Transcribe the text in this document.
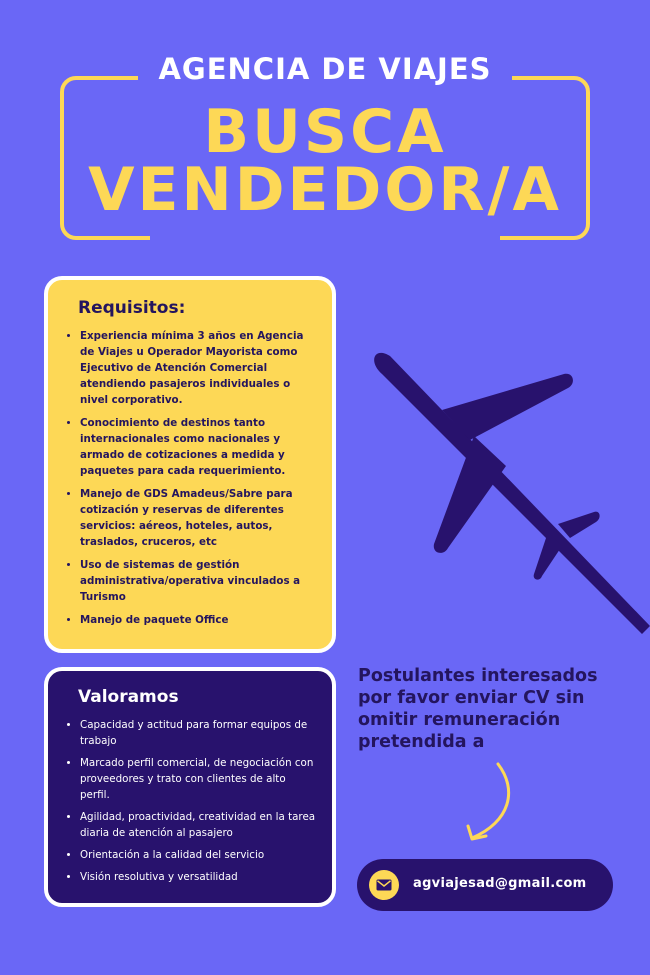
AGENCIA DE VIAJES
BUSCA
VENDEDOR/A
Requisitos:
• Experiencia mínima 3 años en Agencia de Viajes u Operador Mayorista como Ejecutivo de Atención Comercial atendiendo pasajeros individuales o nivel corporativo.
• Conocimiento de destinos tanto internacionales como nacionales y armado de cotizaciones a medida y paquetes para cada requerimiento.
• Manejo de GDS Amadeus/Sabre para cotización y reservas de diferentes servicios: aéreos, hoteles, autos, traslados, cruceros, etc
• Uso de sistemas de gestión administrativa/operativa vinculados a Turismo
• Manejo de paquete Office
Valoramos
• Capacidad y actitud para formar equipos de trabajo
• Marcado perfil comercial, de negociación con proveedores y trato con clientes de alto perfil.
• Agilidad, proactividad, creatividad en la tarea diaria de atención al pasajero
• Orientación a la calidad del servicio
• Visión resolutiva y versatilidad
Postulantes interesados por favor enviar CV sin omitir remuneración pretendida a
agviajesad@gmail.com
